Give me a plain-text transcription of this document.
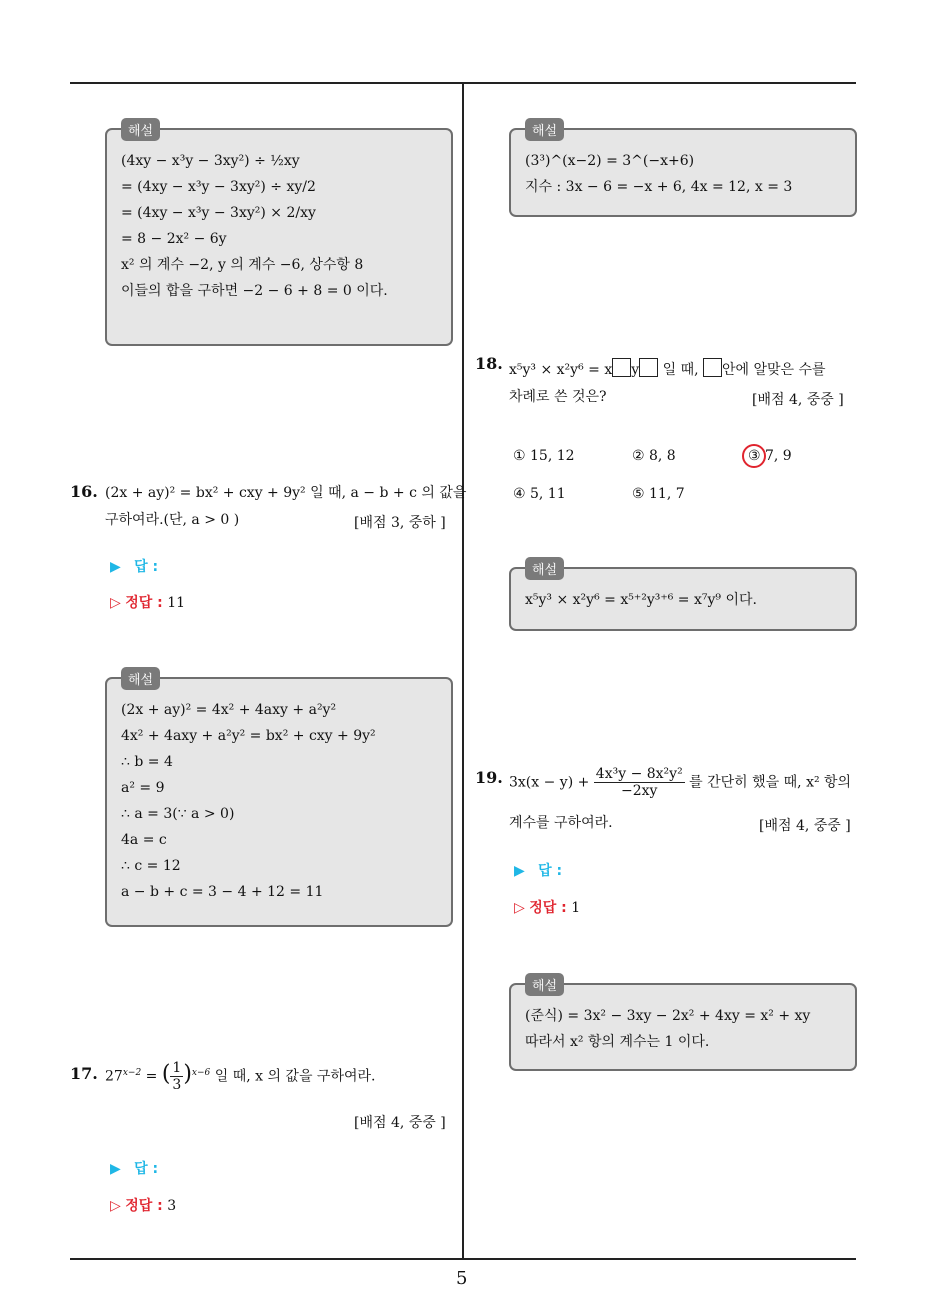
해설
(4xy − x³y − 3xy²) ÷ ½xy
= (4xy − x³y − 3xy²) ÷ xy/2
= (4xy − x³y − 3xy²) × 2/xy
= 8 − 2x² − 6y
x² 의 계수 −2, y 의 계수 −6, 상수항 8
이들의 합을 구하면 −2 − 6 + 8 = 0 이다.
16. (2x + ay)² = bx² + cxy + 9y² 일 때, a − b + c 의 값을
구하여라.(단, a > 0 )	[배점 3, 중하 ]
▶ 답 :
▷ 정답 : 11
해설
(2x + ay)² = 4x² + 4axy + a²y²
4x² + 4axy + a²y² = bx² + cxy + 9y²
∴ b = 4
a² = 9
∴ a = 3(∵ a > 0)
4a = c
∴ c = 12
a − b + c = 3 − 4 + 12 = 11
17. $27^{x-2}$ = ( $\frac{1}{3} )^{x-6}$ 일 때, x 의 값을 구하여라.
[배점 4, 중중 ]
▶ 답 :
▷ 정답 : 3
해설
(3³)^(x−2) = 3^(−x+6)
지수 : 3x − 6 = −x + 6, 4x = 12, x = 3
18. x⁵y³ × x²y⁶ = x y 일 때, 안에 알맞은 수를
차례로 쓴 것은?	[배점 4, 중중 ]
① 15, 12	② 8, 8	③ 7, 9
④ 5, 11	⑤ 11, 7
해설
x⁵y³ × x²y⁶ = x⁵⁺²y³⁺⁶ = x⁷y⁹ 이다.
19. $3x(x - y) + \frac{\text{4x³y − 8x²y²}}{-2xy}$ 를 간단히 했을 때, x² 항의
계수를 구하여라.	[배점 4, 중중 ]
▶ 답 :
▷ 정답 : 1
해설
(준식) = 3x² − 3xy − 2x² + 4xy = x² + xy
따라서 x² 항의 계수는 1 이다.
5
